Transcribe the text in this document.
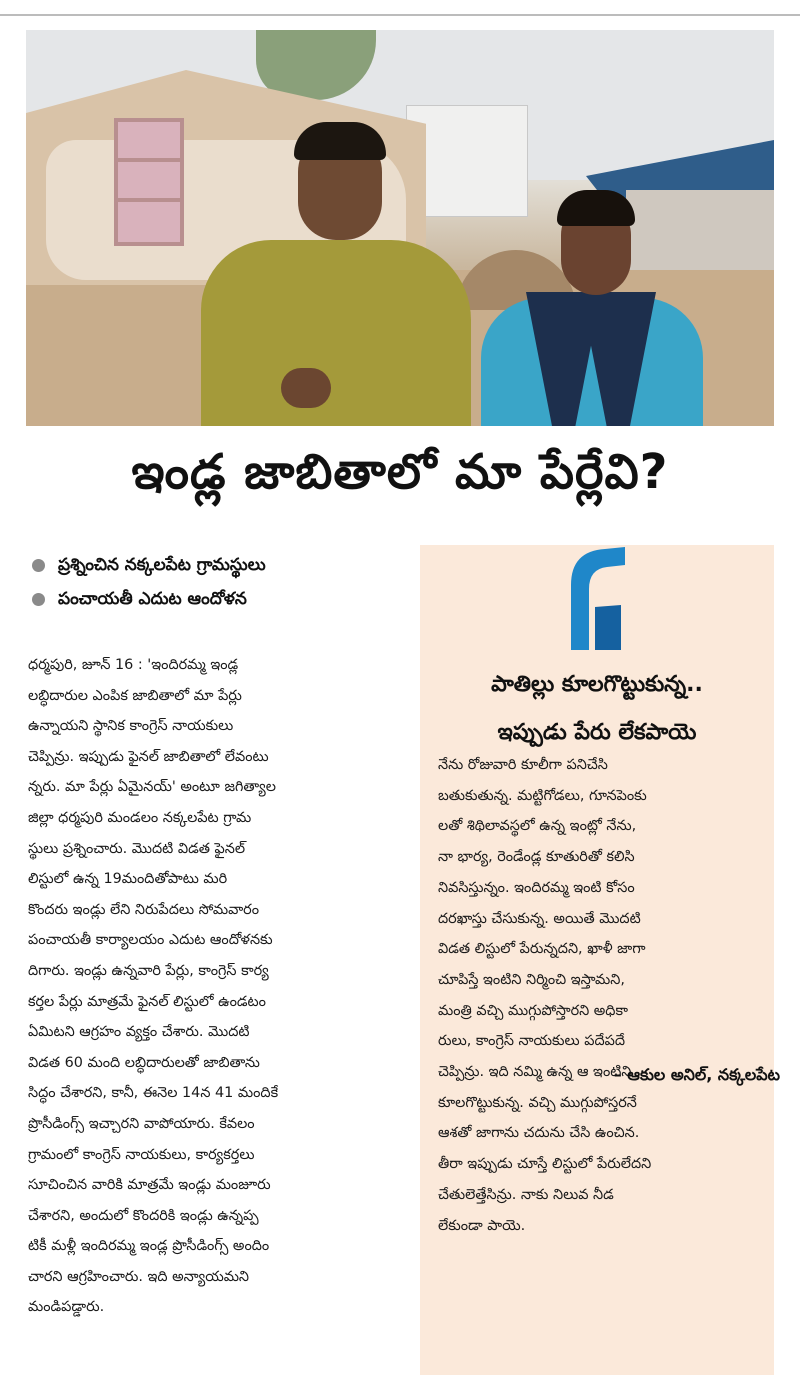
ఇండ్ల జాబితాలో మా పేర్లేవి?
ప్రశ్నించిన నక్కలపేట గ్రామస్థులు
పంచాయతీ ఎదుట ఆందోళన
ధర్మపురి, జూన్ 16 : 'ఇందిరమ్మ ఇండ్ల
లబ్ధిదారుల ఎంపిక జాబితాలో మా పేర్లు
ఉన్నాయని స్థానిక కాంగ్రెస్ నాయకులు
చెప్పిన్రు. ఇప్పుడు ఫైనల్ జాబితాలో లేవంటు
న్నరు. మా పేర్లు ఏమైనయ్' అంటూ జగిత్యాల
జిల్లా ధర్మపురి మండలం నక్కలపేట గ్రామ
స్థులు ప్రశ్నించారు. మొదటి విడత ఫైనల్
లిస్టులో ఉన్న 19మందితోపాటు మరి
కొందరు ఇండ్లు లేని నిరుపేదలు సోమవారం
పంచాయతీ కార్యాలయం ఎదుట ఆందోళనకు
దిగారు. ఇండ్లు ఉన్నవారి పేర్లు, కాంగ్రెస్ కార్య
కర్తల పేర్లు మాత్రమే ఫైనల్ లిస్టులో ఉండటం
ఏమిటని ఆగ్రహం వ్యక్తం చేశారు. మొదటి
విడత 60 మంది లబ్ధిదారులతో జాబితాను
సిద్ధం చేశారని, కానీ, ఈనెల 14న 41 మందికే
ప్రొసీడింగ్స్ ఇచ్చారని వాపోయారు. కేవలం
గ్రామంలో కాంగ్రెస్ నాయకులు, కార్యకర్తలు
సూచించిన వారికి మాత్రమే ఇండ్లు మంజూరు
చేశారని, అందులో కొందరికి ఇండ్లు ఉన్నప్ప
టికీ మళ్లీ ఇందిరమ్మ ఇండ్ల ప్రొసీడింగ్స్ అందిం
చారని ఆగ్రహించారు. ఇది అన్యాయమని
మండిపడ్డారు.
పాతిల్లు కూలగొట్టుకున్న..
ఇప్పుడు పేరు లేకపాయె
నేను రోజువారి కూలీగా పనిచేసి
బతుకుతున్న. మట్టిగోడలు, గూనపెంకు
లతో శిథిలావస్థలో ఉన్న ఇంట్లో నేను,
నా భార్య, రెండేండ్ల కూతురితో కలిసి
నివసిస్తున్నం. ఇందిరమ్మ ఇంటి కోసం
దరఖాస్తు చేసుకున్న. అయితే మొదటి
విడత లిస్టులో పేరున్నదని, ఖాళీ జాగా
చూపిస్తే ఇంటిని నిర్మించి ఇస్తామని,
మంత్రి వచ్చి ముగ్గుపోస్తారని అధికా
రులు, కాంగ్రెస్ నాయకులు పదేపదే
చెప్పిన్రు. ఇది నమ్మి ఉన్న ఆ ఇంటిని
కూలగొట్టుకున్న. వచ్చి ముగ్గుపోస్తరనే
ఆశతో జాగాను చదును చేసి ఉంచిన.
తీరా ఇప్పుడు చూస్తే లిస్టులో పేరులేదని
చేతులెత్తేసిన్రు. నాకు నిలువ నీడ
లేకుండా పాయె.
– ఆకుల అనిల్, నక్కలపేట
